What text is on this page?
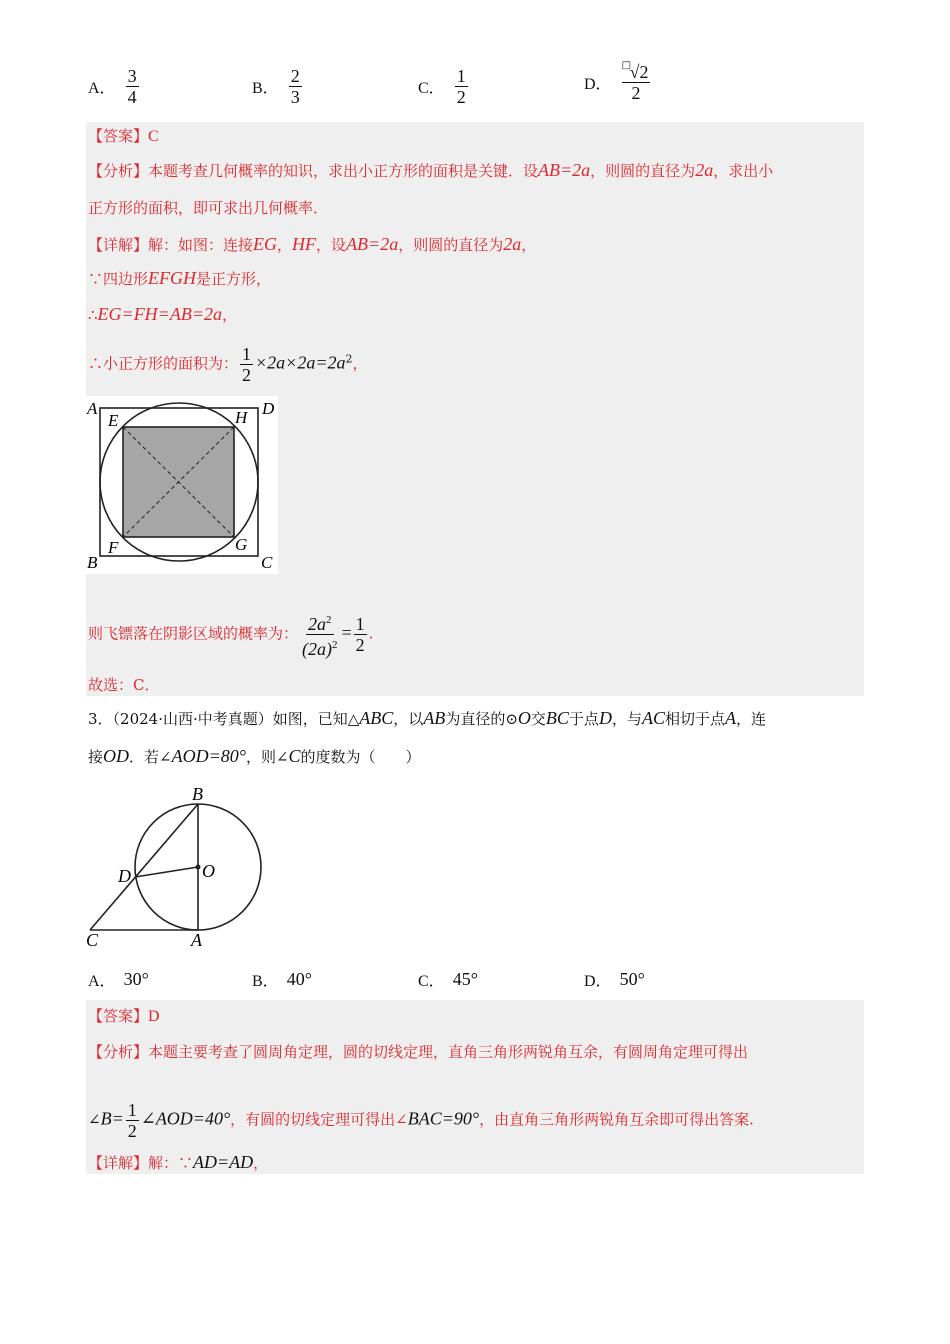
A． $\frac{3}{4}$	B． $\frac{2}{3}$	C． $\frac{1}{2}$	D．
□
$\frac{√2}{2}$
【答案】C
【分析】本题考查几何概率的知识，求出小正方形的面积是关键．设AB=2a，则圆的直径为2a，求出小
正方形的面积，即可求出几何概率．
【详解】解：如图：连接EG，HF，设AB=2a，则圆的直径为2a，
∵四边形EFGH是正方形，
∴EG=FH=AB=2a，
∴小正方形的面积为： $\frac{1}{2} \times 2a\times 2a=2a^2$，
A	D
E	H
F	G
B	C
则飞镖落在阴影区域的概率为： $\frac{2a^2}{(2a)^2} = \frac{1}{2}$ .
故选：C．
3．（2024·山西·中考真题）如图，已知△ABC，以AB为直径的⊙O交BC于点D，与AC相切于点A，连
接OD．若∠AOD=80°，则∠C的度数为（　　）
B
D	O
C	A
A． 30°	B． 40°	C． 45°	D． 50°
【答案】D
【分析】本题主要考查了圆周角定理，圆的切线定理，直角三角形两锐角互余，有圆周角定理可得出
∠B= $\frac{1}{2}$ ∠AOD=40°，有圆的切线定理可得出∠BAC=90°，由直角三角形两锐角互余即可得出答案.
【详解】解：∵AD=AD，
